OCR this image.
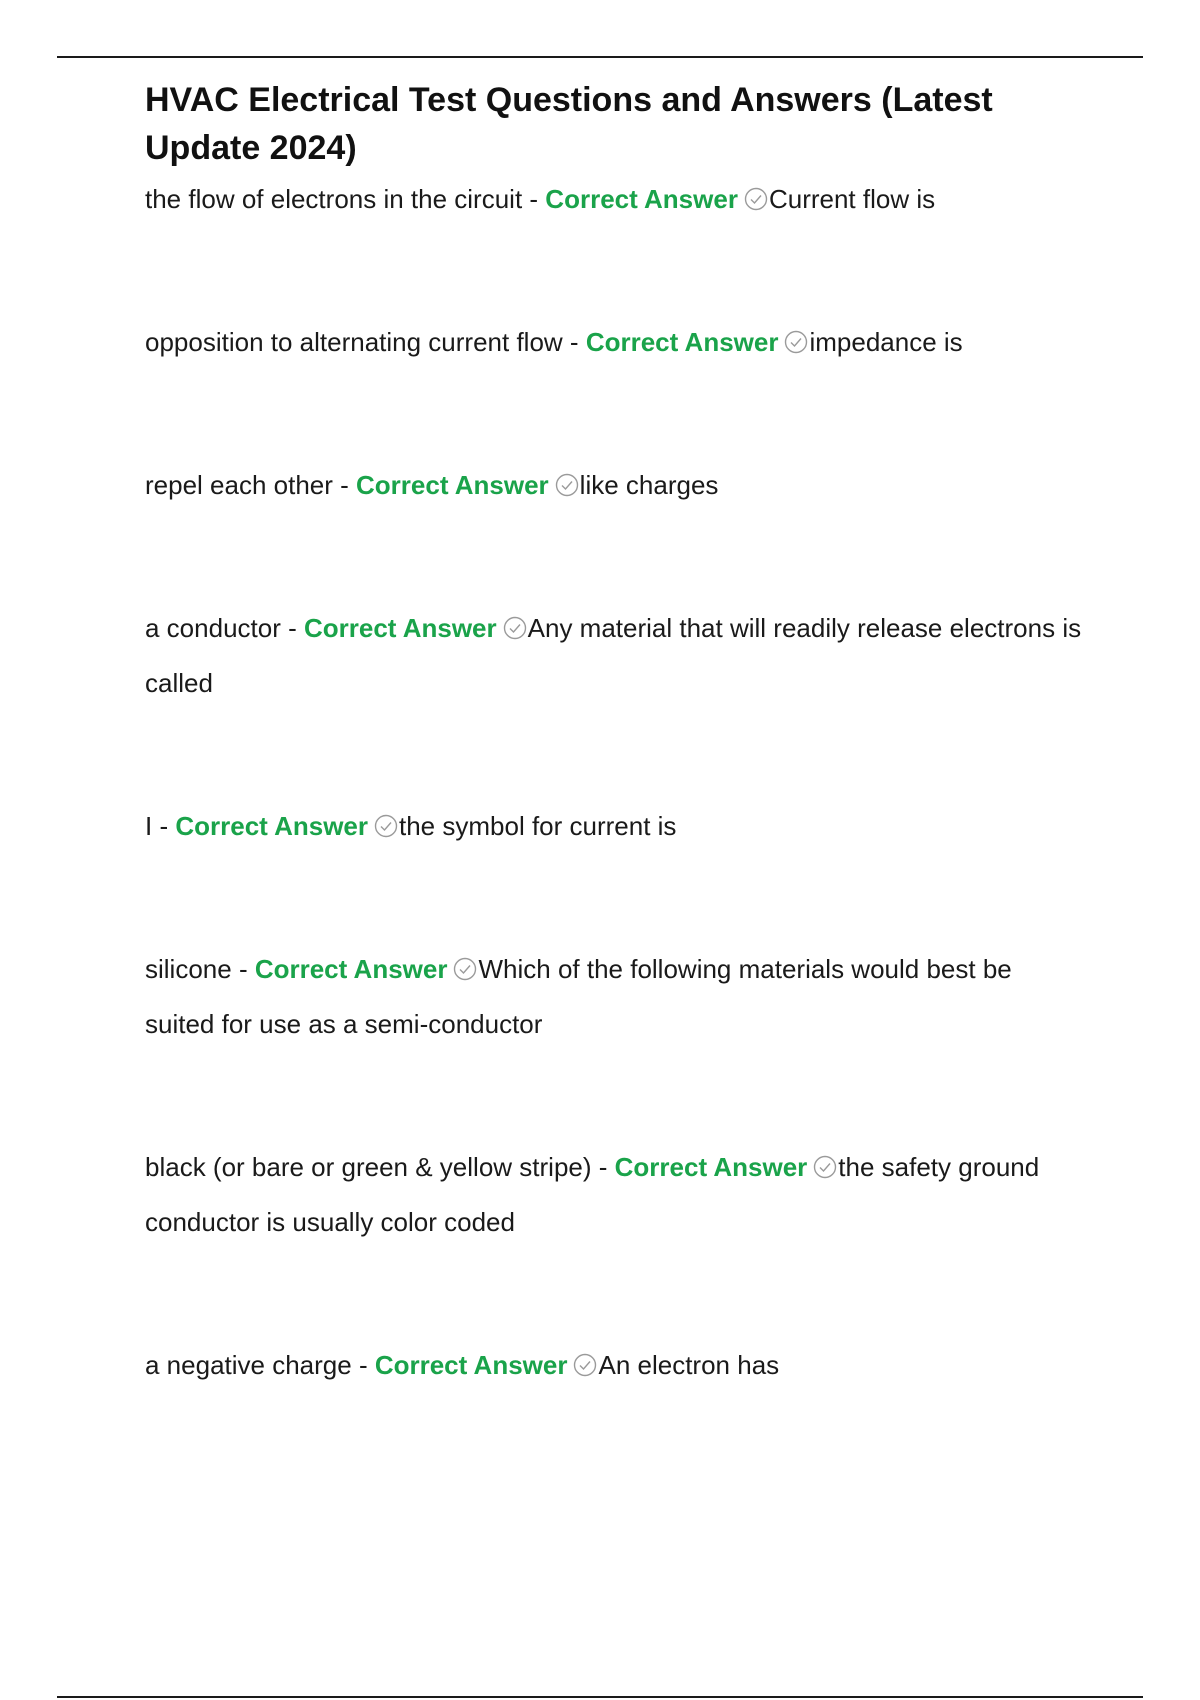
HVAC Electrical Test Questions and Answers (Latest Update 2024)

the flow of electrons in the circuit - Correct Answer Current flow is

opposition to alternating current flow - Correct Answer impedance is

repel each other - Correct Answer like charges

a conductor - Correct Answer Any material that will readily release electrons is called

I - Correct Answer the symbol for current is

silicone - Correct Answer Which of the following materials would best be suited for use as a semi-conductor

black (or bare or green & yellow stripe) - Correct Answer the safety ground conductor is usually color coded

a negative charge - Correct Answer An electron has
